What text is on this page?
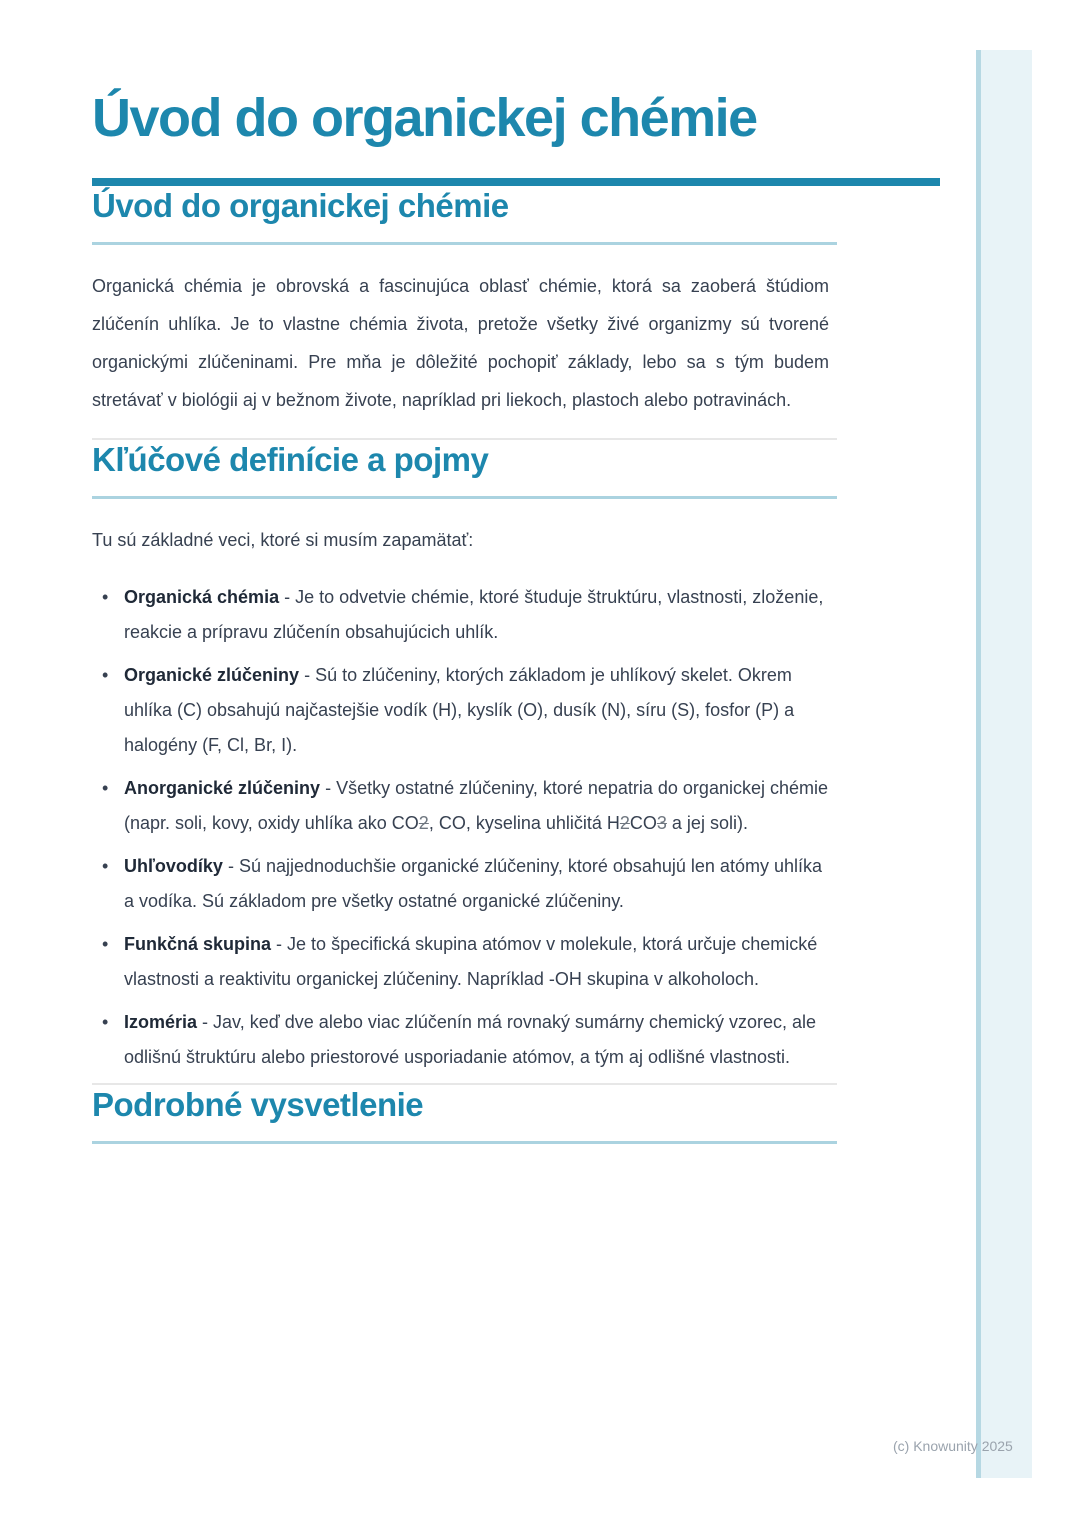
Úvod do organickej chémie
Úvod do organickej chémie

Organická chémia je obrovská a fascinujúca oblasť chémie, ktorá sa zaoberá štúdiom zlúčenín uhlíka. Je to vlastne chémia života, pretože všetky živé organizmy sú tvorené organickými zlúčeninami. Pre mňa je dôležité pochopiť základy, lebo sa s tým budem stretávať v biológii aj v bežnom živote, napríklad pri liekoch, plastoch alebo potravinách.

Kľúčové definície a pojmy

Tu sú základné veci, ktoré si musím zapamätať:

• Organická chémia - Je to odvetvie chémie, ktoré študuje štruktúru, vlastnosti, zloženie, reakcie a prípravu zlúčenín obsahujúcich uhlík.
• Organické zlúčeniny - Sú to zlúčeniny, ktorých základom je uhlíkový skelet. Okrem uhlíka (C) obsahujú najčastejšie vodík (H), kyslík (O), dusík (N), síru (S), fosfor (P) a halogény (F, Cl, Br, I).
• Anorganické zlúčeniny - Všetky ostatné zlúčeniny, ktoré nepatria do organickej chémie (napr. soli, kovy, oxidy uhlíka ako CO2, CO, kyselina uhličitá H2CO3 a jej soli).
• Uhľovodíky - Sú najjednoduchšie organické zlúčeniny, ktoré obsahujú len atómy uhlíka a vodíka. Sú základom pre všetky ostatné organické zlúčeniny.
• Funkčná skupina - Je to špecifická skupina atómov v molekule, ktorá určuje chemické vlastnosti a reaktivitu organickej zlúčeniny. Napríklad -OH skupina v alkoholoch.
• Izoméria - Jav, keď dve alebo viac zlúčenín má rovnaký sumárny chemický vzorec, ale odlišnú štruktúru alebo priestorové usporiadanie atómov, a tým aj odlišné vlastnosti.
Podrobné vysvetlenie
(c) Knowunity 2025
